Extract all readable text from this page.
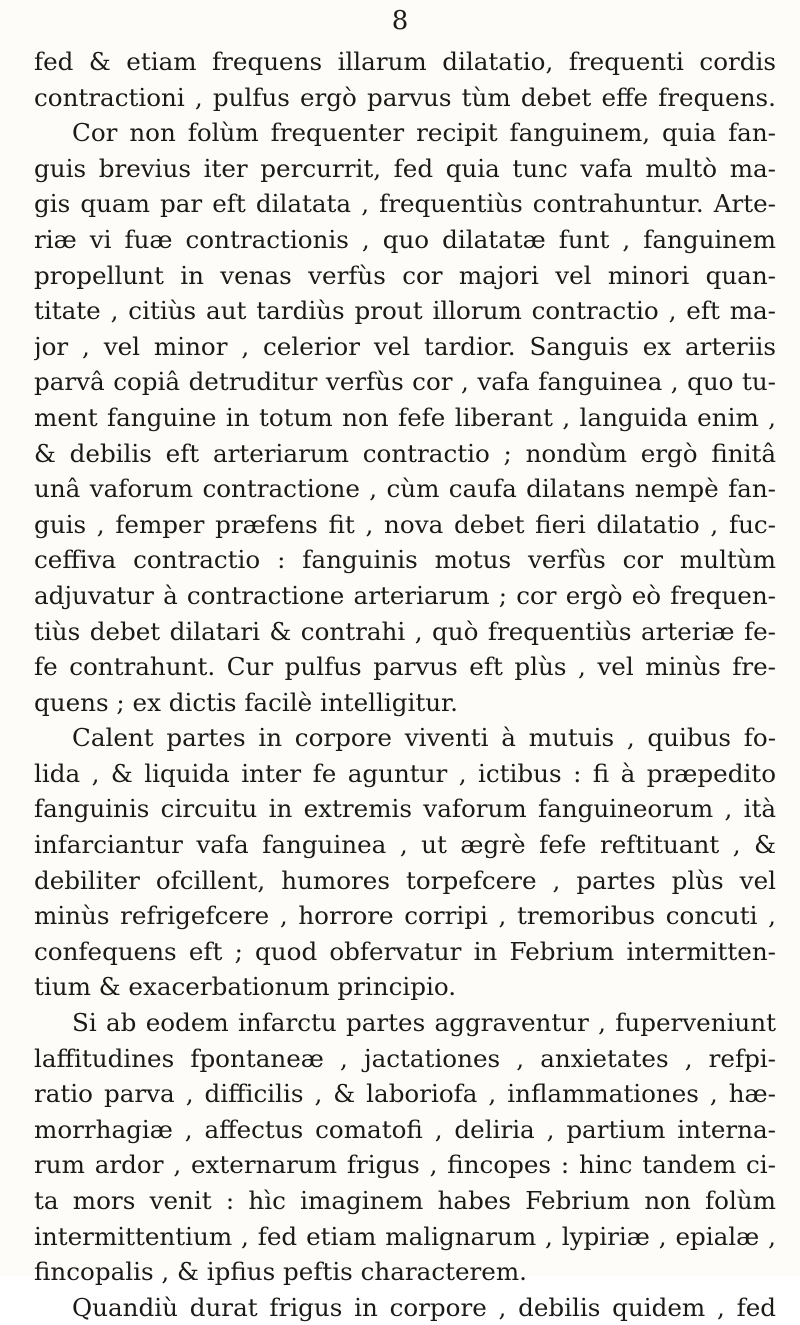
8
fed & etiam frequens illarum dilatatio, frequenti cordis
contractioni , pulfus ergò parvus tùm debet effe frequens.
Cor non folùm frequenter recipit fanguinem, quia fan-
guis brevius iter percurrit, fed quia tunc vafa multò ma-
gis quam par eft dilatata , frequentiùs contrahuntur. Arte-
riæ vi fuæ contractionis , quo dilatatæ funt , fanguinem
propellunt in venas verfùs cor majori vel minori quan-
titate , citiùs aut tardiùs prout illorum contractio , eft ma-
jor , vel minor , celerior vel tardior. Sanguis ex arteriis
parvâ copiâ detruditur verfùs cor , vafa fanguinea , quo tu-
ment fanguine in totum non fefe liberant , languida enim ,
& debilis eft arteriarum contractio ; nondùm ergò finitâ
unâ vaforum contractione , cùm caufa dilatans nempè fan-
guis , femper præfens fit , nova debet fieri dilatatio , fuc-
ceffiva contractio : fanguinis motus verfùs cor multùm
adjuvatur à contractione arteriarum ; cor ergò eò frequen-
tiùs debet dilatari & contrahi , quò frequentiùs arteriæ fe-
fe contrahunt. Cur pulfus parvus eft plùs , vel minùs fre-
quens ; ex dictis facilè intelligitur.
Calent partes in corpore viventi à mutuis , quibus fo-
lida , & liquida inter fe aguntur , ictibus : fi à præpedito
fanguinis circuitu in extremis vaforum fanguineorum , ità
infarciantur vafa fanguinea , ut ægrè fefe reftituant , &
debiliter ofcillent, humores torpefcere , partes plùs vel
minùs refrigefcere , horrore corripi , tremoribus concuti ,
confequens eft ; quod obfervatur in Febrium intermitten-
tium & exacerbationum principio.
Si ab eodem infarctu partes aggraventur , fuperveniunt
laffitudines fpontaneæ , jactationes , anxietates , refpi-
ratio parva , difficilis , & laboriofa , inflammationes , hæ-
morrhagiæ , affectus comatofi , deliria , partium interna-
rum ardor , externarum frigus , fincopes : hinc tandem ci-
ta mors venit : hìc imaginem habes Febrium non folùm
intermittentium , fed etiam malignarum , lypiriæ , epialæ ,
fincopalis , & ipfius peftis characterem.
Quandiù durat frigus in corpore , debilis quidem , fed
